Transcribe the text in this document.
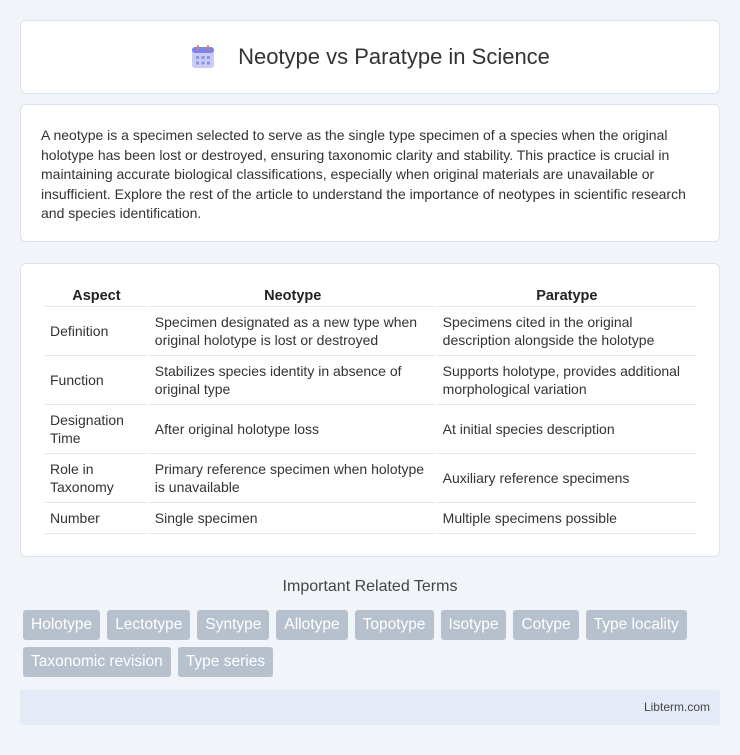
Neotype vs Paratype in Science

A neotype is a specimen selected to serve as the single type specimen of a species when the original holotype has been lost or destroyed, ensuring taxonomic clarity and stability. This practice is crucial in maintaining accurate biological classifications, especially when original materials are unavailable or insufficient. Explore the rest of the article to understand the importance of neotypes in scientific research and species identification.

Aspect	Neotype	Paratype
Definition	Specimen designated as a new type when original holotype is lost or destroyed	Specimens cited in the original description alongside the holotype
Function	Stabilizes species identity in absence of original type	Supports holotype, provides additional morphological variation
Designation Time	After original holotype loss	At initial species description
Role in Taxonomy	Primary reference specimen when holotype is unavailable	Auxiliary reference specimens
Number	Single specimen	Multiple specimens possible
Important Related Terms
Holotype	Lectotype	Syntype	Allotype	Topotype	Isotype	Cotype	Type locality
Taxonomic revision	Type series
Libterm.com
